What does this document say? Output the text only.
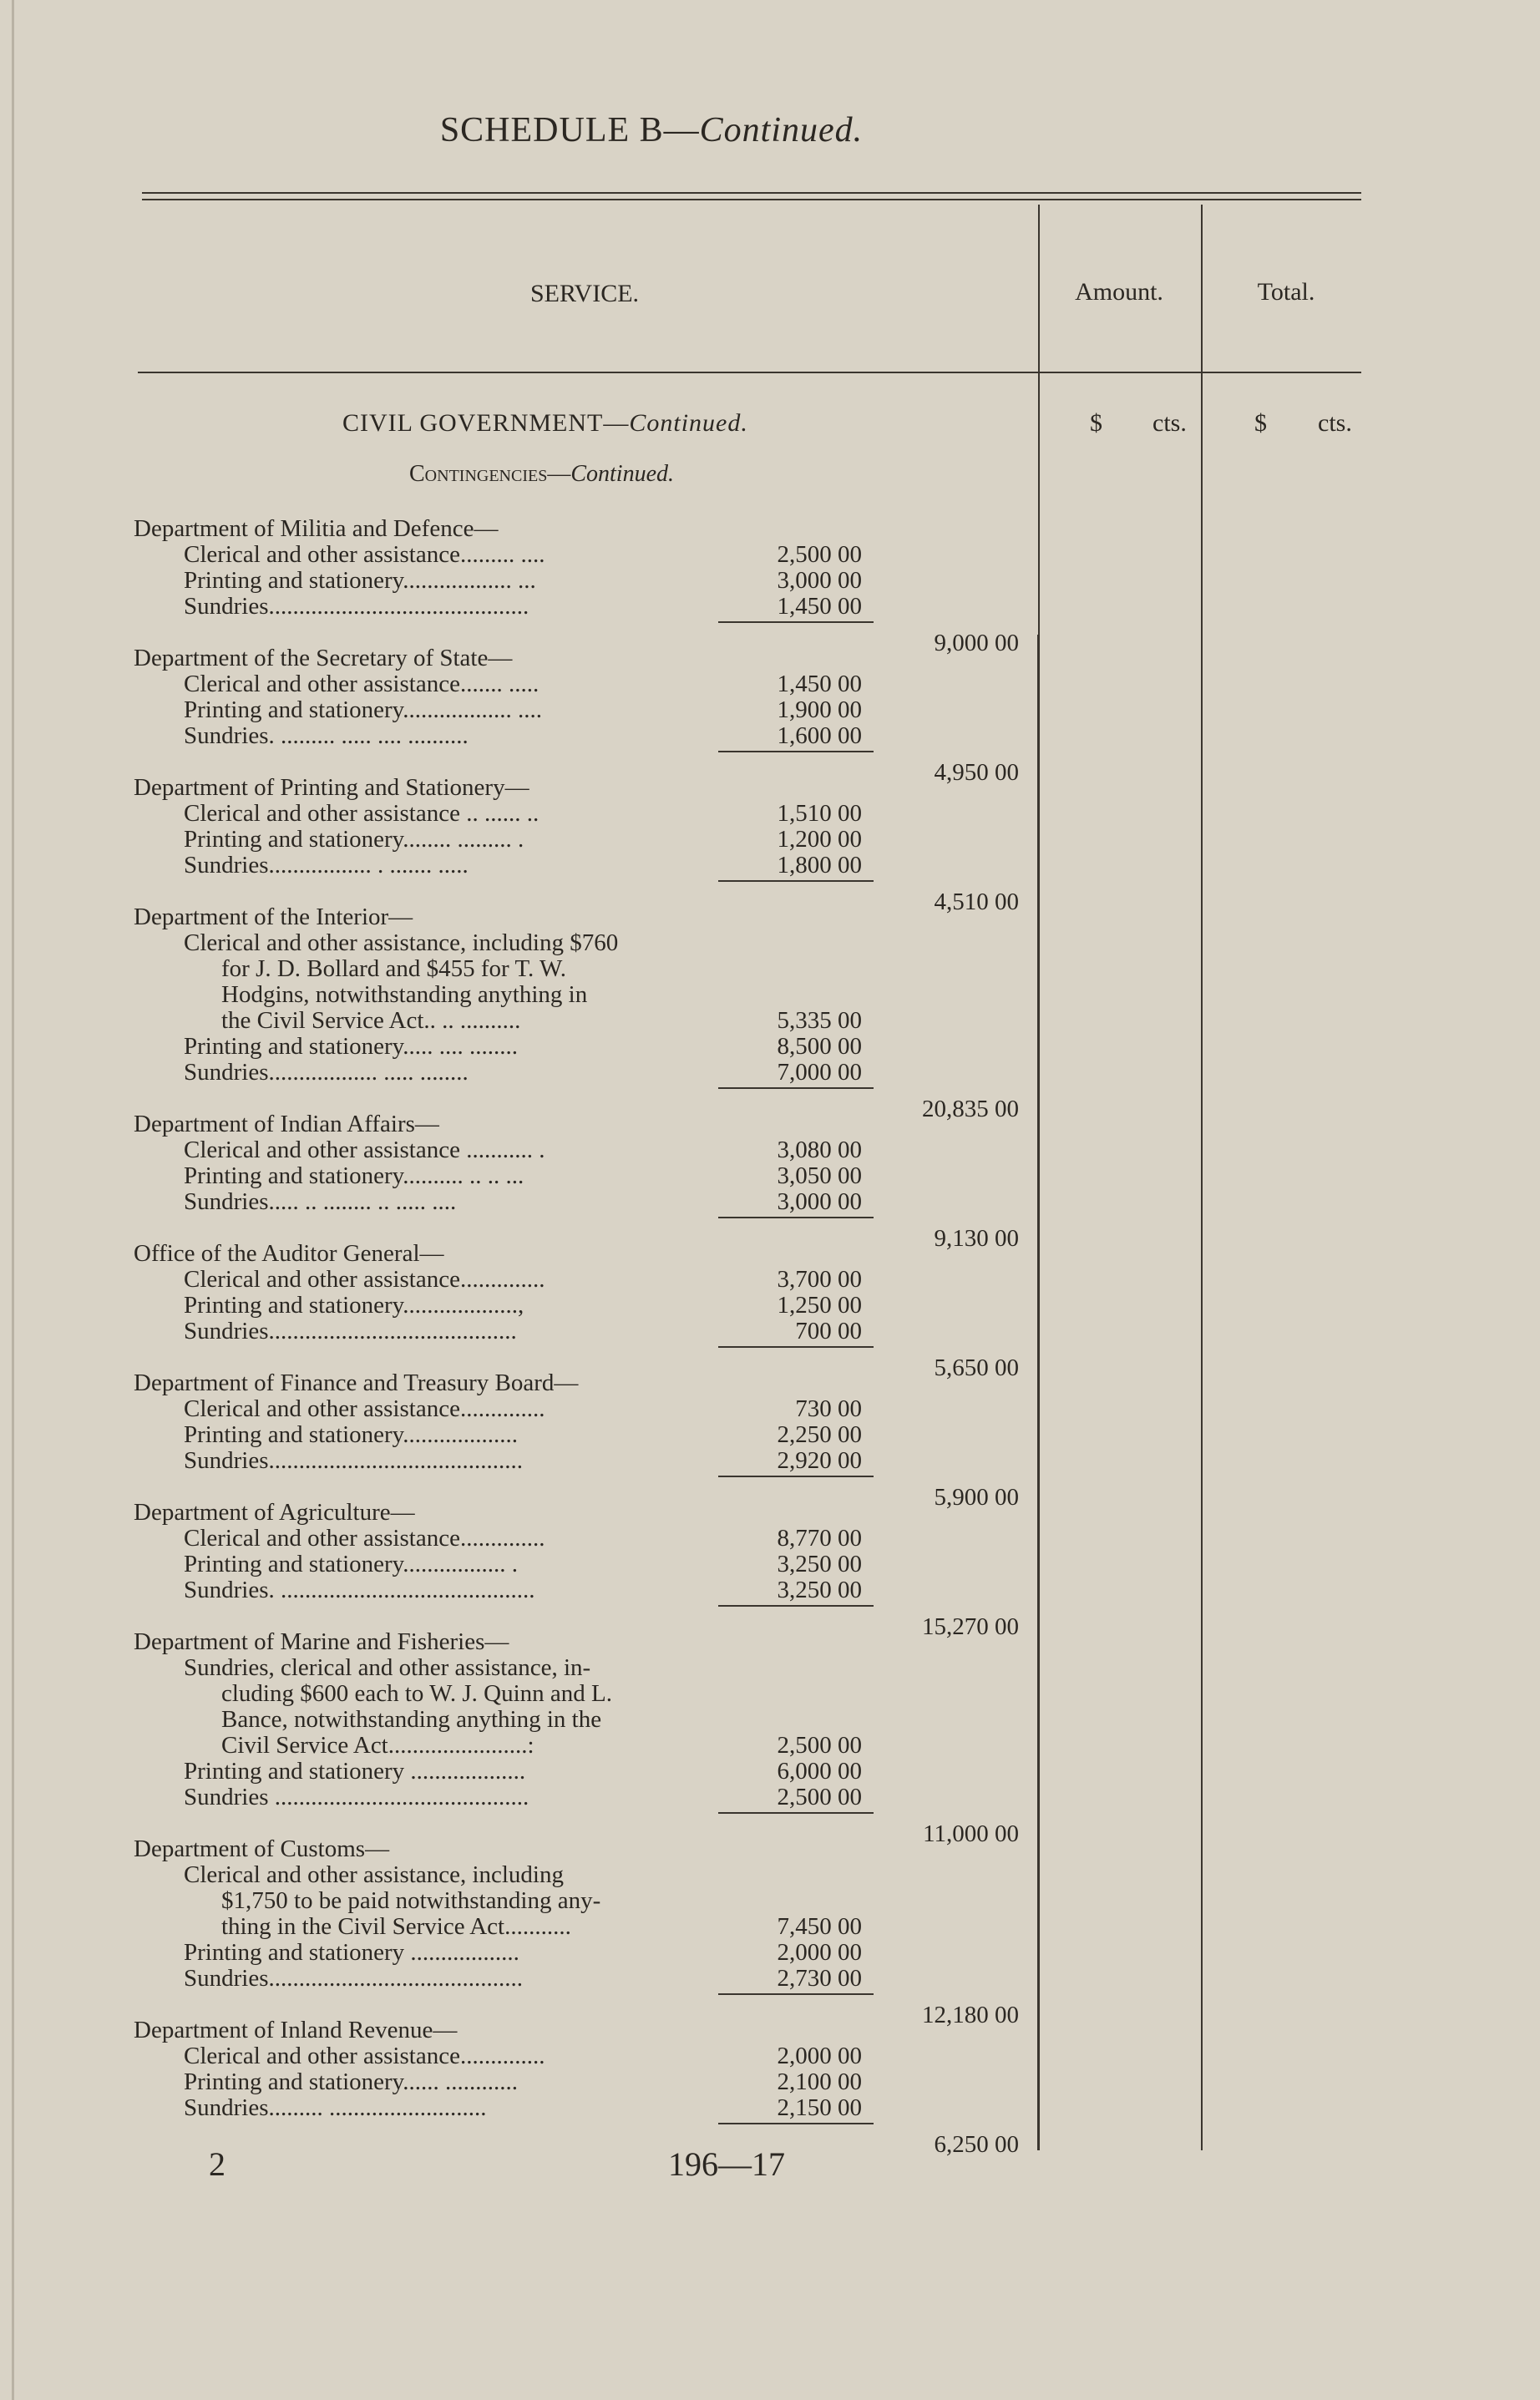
SCHEDULE B—Continued.
SERVICE.	Amount.	Total.
$ cts.	$ cts.
CIVIL GOVERNMENT—Continued.
Contingencies—Continued.
Department of Militia and Defence—
Clerical and other assistance......... ....	2,500 00
Printing and stationery.................. ...	3,000 00
Sundries...........................................	1,450 00
9,000 00
Department of the Secretary of State—
Clerical and other assistance....... .....	1,450 00
Printing and stationery.................. ....	1,900 00
Sundries. ......... ..... .... ..........	1,600 00
4,950 00
Department of Printing and Stationery—
Clerical and other assistance .. ...... ..	1,510 00
Printing and stationery........ ......... .	1,200 00
Sundries................. . ....... .....	1,800 00
4,510 00
Department of the Interior—
Clerical and other assistance, including $760
for J. D. Bollard and $455 for T. W.
Hodgins, notwithstanding anything in
the Civil Service Act.. .. ..........	5,335 00
Printing and stationery..... .... ........	8,500 00
Sundries.................. ..... ........	7,000 00
20,835 00
Department of Indian Affairs—
Clerical and other assistance ........... .	3,080 00
Printing and stationery.......... .. .. ...	3,050 00
Sundries..... .. ........ .. ..... ....	3,000 00
9,130 00
Office of the Auditor General—
Clerical and other assistance..............	3,700 00
Printing and stationery...................,	1,250 00
Sundries.........................................	700 00
5,650 00
Department of Finance and Treasury Board—
Clerical and other assistance..............	730 00
Printing and stationery...................	2,250 00
Sundries..........................................	2,920 00
5,900 00
Department of Agriculture—
Clerical and other assistance..............	8,770 00
Printing and stationery................. .	3,250 00
Sundries. ..........................................	3,250 00
15,270 00
Department of Marine and Fisheries—
Sundries, clerical and other assistance, in-
cluding $600 each to W. J. Quinn and L.
Bance, notwithstanding anything in the
Civil Service Act.......................:	2,500 00
Printing and stationery ...................	6,000 00
Sundries ..........................................	2,500 00
11,000 00
Department of Customs—
Clerical and other assistance, including
$1,750 to be paid notwithstanding any-
thing in the Civil Service Act...........	7,450 00
Printing and stationery ..................	2,000 00
Sundries..........................................	2,730 00
12,180 00
Department of Inland Revenue—
Clerical and other assistance..............	2,000 00
Printing and stationery...... ............	2,100 00
Sundries......... ..........................	2,150 00
6,250 00
2	196—17
